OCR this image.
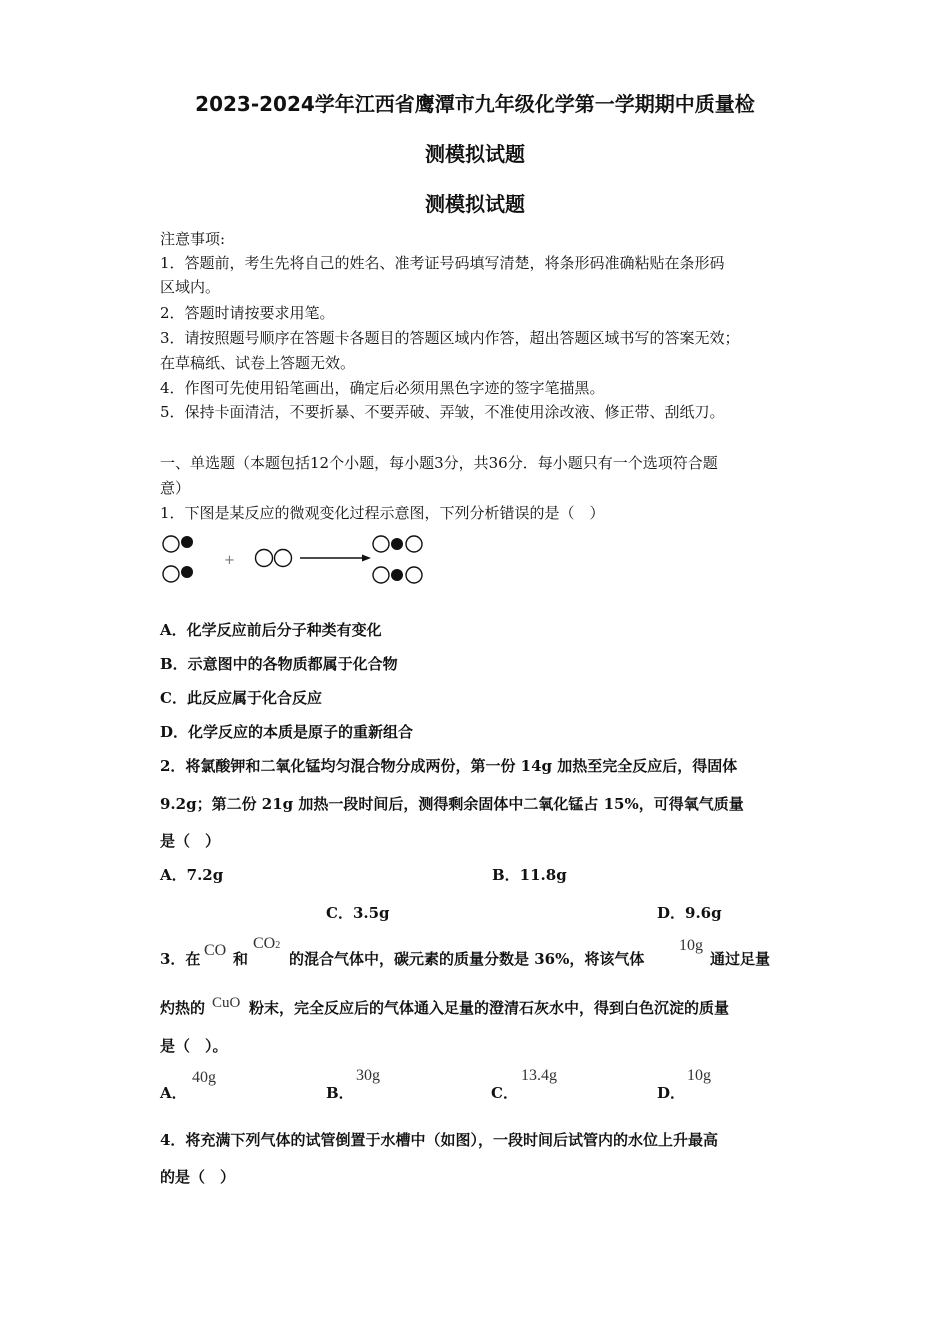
2023-2024学年江西省鹰潭市九年级化学第一学期期中质量检
测模拟试题
测模拟试题
注意事项:
1．答题前，考生先将自己的姓名、准考证号码填写清楚，将条形码准确粘贴在条形码
区域内。
2．答题时请按要求用笔。
3．请按照题号顺序在答题卡各题目的答题区域内作答，超出答题区域书写的答案无效；
在草稿纸、试卷上答题无效。
4．作图可先使用铅笔画出，确定后必须用黑色字迹的签字笔描黑。
5．保持卡面清洁，不要折暴、不要弄破、弄皱，不准使用涂改液、修正带、刮纸刀。
一、单选题（本题包括12个小题，每小题3分，共36分．每小题只有一个选项符合题
意）
1．下图是某反应的微观变化过程示意图，下列分析错误的是（　）
+
A．化学反应前后分子种类有变化
B．示意图中的各物质都属于化合物
C．此反应属于化合反应
D．化学反应的本质是原子的重新组合
2．将氯酸钾和二氧化锰均匀混合物分成两份，第一份 14g 加热至完全反应后，得固体
9.2g；第二份 21g 加热一段时间后，测得剩余固体中二氧化锰占 15%，可得氧气质量
是（　）
A．7.2g	B．11.8g
C．3.5g	D．9.6g
3．在 CO 和
CO2
的混合气体中，碳元素的质量分数是 36%，将该气体
10g
通过足量
灼热的 CuO 粉末，完全反应后的气体通入足量的澄清石灰水中，得到白色沉淀的质量
是（　）。
A．
40g
B．
30g
C．
13.4g
D．
10g
4．将充满下列气体的试管倒置于水槽中（如图），一段时间后试管内的水位上升最高
的是（　）
